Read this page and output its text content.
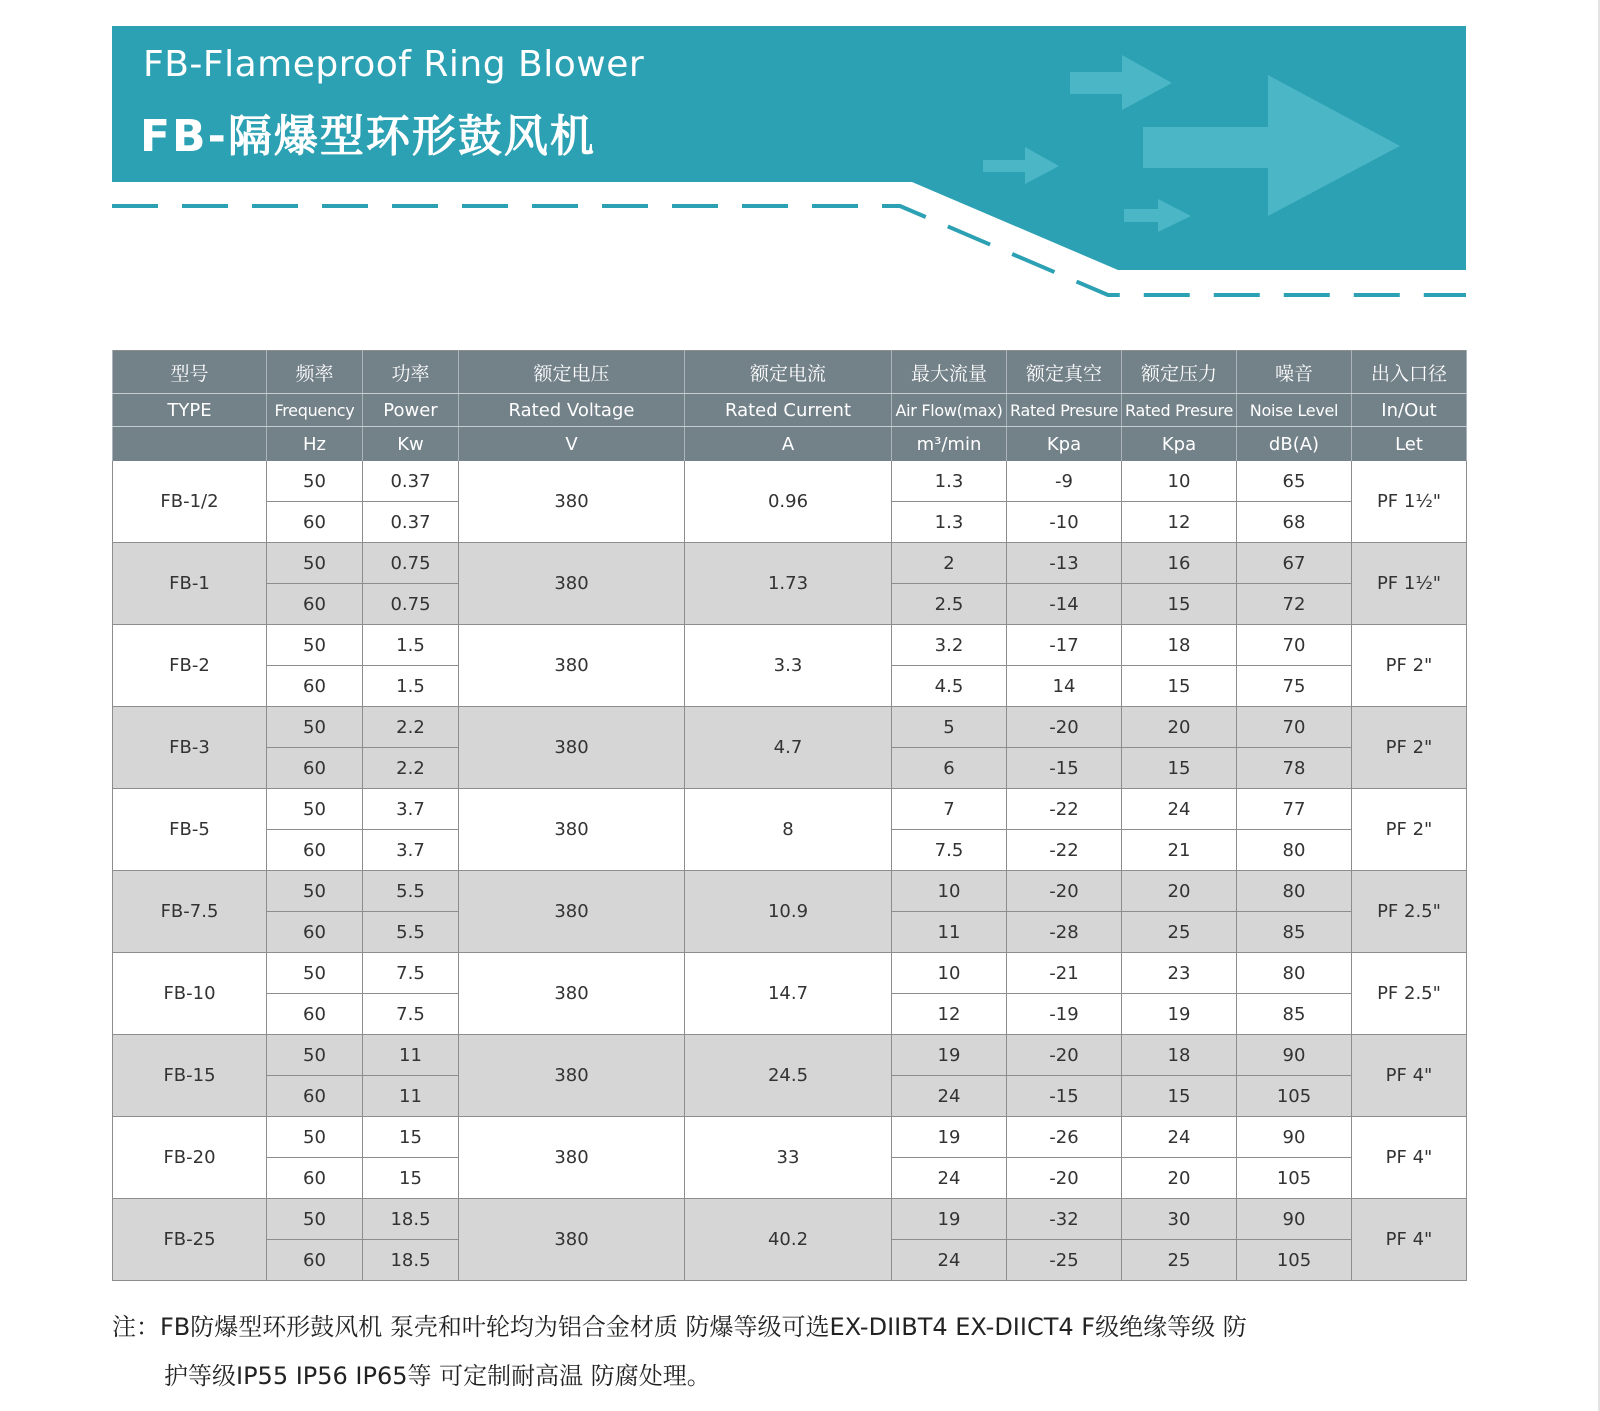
FB-Flameproof Ring Blower
FB-隔爆型环形鼓风机
型号	频率	功率	额定电压	额定电流	最大流量	额定真空	额定压力	噪音	出入口径
TYPE	Frequency	Power	Rated Voltage	Rated Current	Air Flow(max)	Rated Presure	Rated Presure	Noise Level	In/Out
	Hz	Kw	V	A	m³/min	Kpa	Kpa	dB(A)	Let
FB-1/2	50	0.37	380	0.96	1.3	-9	10	65	PF 1½"
	60	0.37			1.3	-10	12	68	
FB-1	50	0.75	380	1.73	2	-13	16	67	PF 1½"
	60	0.75			2.5	-14	15	72	
FB-2	50	1.5	380	3.3	3.2	-17	18	70	PF 2"
	60	1.5			4.5	14	15	75	
FB-3	50	2.2	380	4.7	5	-20	20	70	PF 2"
	60	2.2			6	-15	15	78	
FB-5	50	3.7	380	8	7	-22	24	77	PF 2"
	60	3.7			7.5	-22	21	80	
FB-7.5	50	5.5	380	10.9	10	-20	20	80	PF 2.5"
	60	5.5			11	-28	25	85	
FB-10	50	7.5	380	14.7	10	-21	23	80	PF 2.5"
	60	7.5			12	-19	19	85	
FB-15	50	11	380	24.5	19	-20	18	90	PF 4"
	60	11			24	-15	15	105	
FB-20	50	15	380	33	19	-26	24	90	PF 4"
	60	15			24	-20	20	105	
FB-25	50	18.5	380	40.2	19	-32	30	90	PF 4"
	60	18.5			24	-25	25	105	
注：FB防爆型环形鼓风机 泵壳和叶轮均为铝合金材质 防爆等级可选EX-DIIBT4 EX-DIICT4 F级绝缘等级 防
护等级IP55 IP56 IP65等 可定制耐高温 防腐处理。
